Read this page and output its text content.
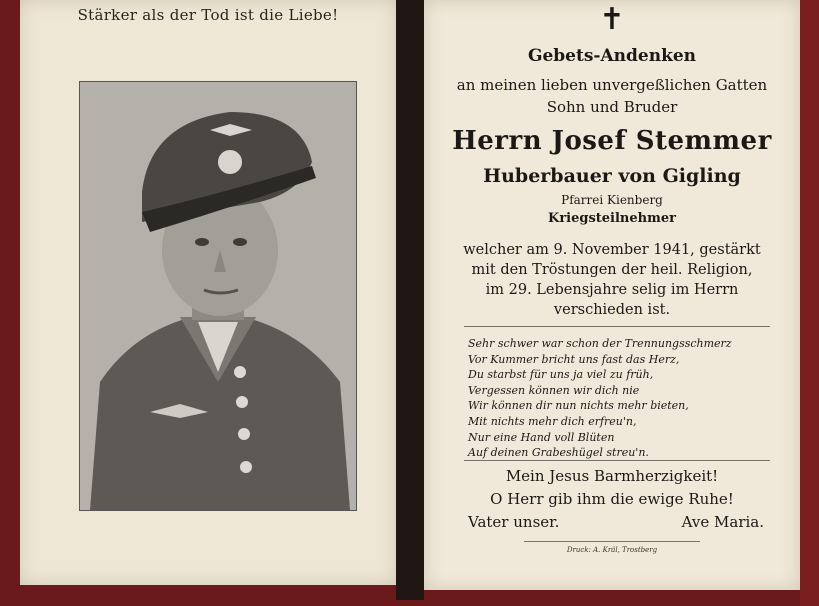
Stärker als der Tod ist die Liebe!	✝
Gebets-Andenken
an meinen lieben unvergeßlichen Gatten
Sohn und Bruder
Herrn Josef Stemmer
Huberbauer von Gigling
Pfarrei Kienberg
Kriegsteilnehmer
welcher am 9. November 1941, gestärkt
mit den Tröstungen der heil. Religion,
im 29. Lebensjahre selig im Herrn
verschieden ist.
Sehr schwer war schon der Trennungsschmerz
Vor Kummer bricht uns fast das Herz,
Du starbst für uns ja viel zu früh,
Vergessen können wir dich nie
Wir können dir nun nichts mehr bieten,
Mit nichts mehr dich erfreu'n,
Nur eine Hand voll Blüten
Auf deinen Grabeshügel streu'n.
Mein Jesus Barmherzigkeit!
O Herr gib ihm die ewige Ruhe!
Vater unser.	Ave Maria.
Druck: A. Kräl, Trostberg
